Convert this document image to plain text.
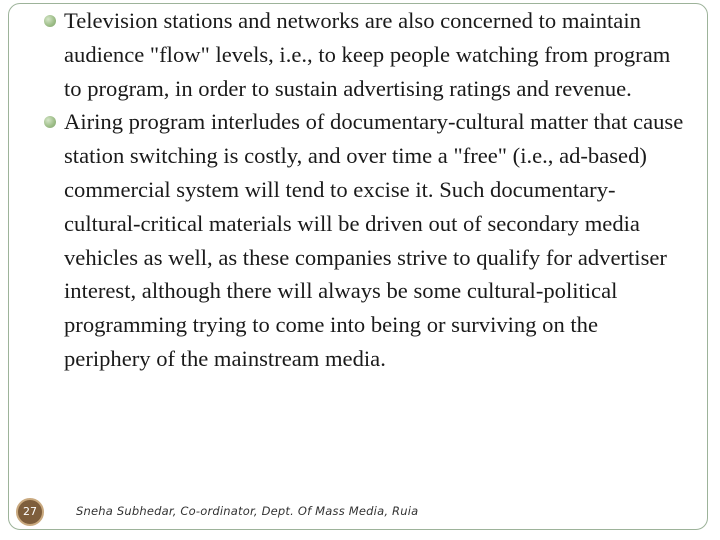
Television stations and networks are also concerned to maintain audience "flow" levels, i.e., to keep people watching from program to program, in order to sustain advertising ratings and revenue.
Airing program interludes of documentary-cultural matter that cause station switching is costly, and over time a "free" (i.e., ad-based) commercial system will tend to excise it. Such documentary-cultural-critical materials will be driven out of secondary media vehicles as well, as these companies strive to qualify for advertiser interest, although there will always be some cultural-political programming trying to come into being or surviving on the periphery of the mainstream media.
27	Sneha Subhedar, Co-ordinator, Dept. Of Mass Media, Ruia
